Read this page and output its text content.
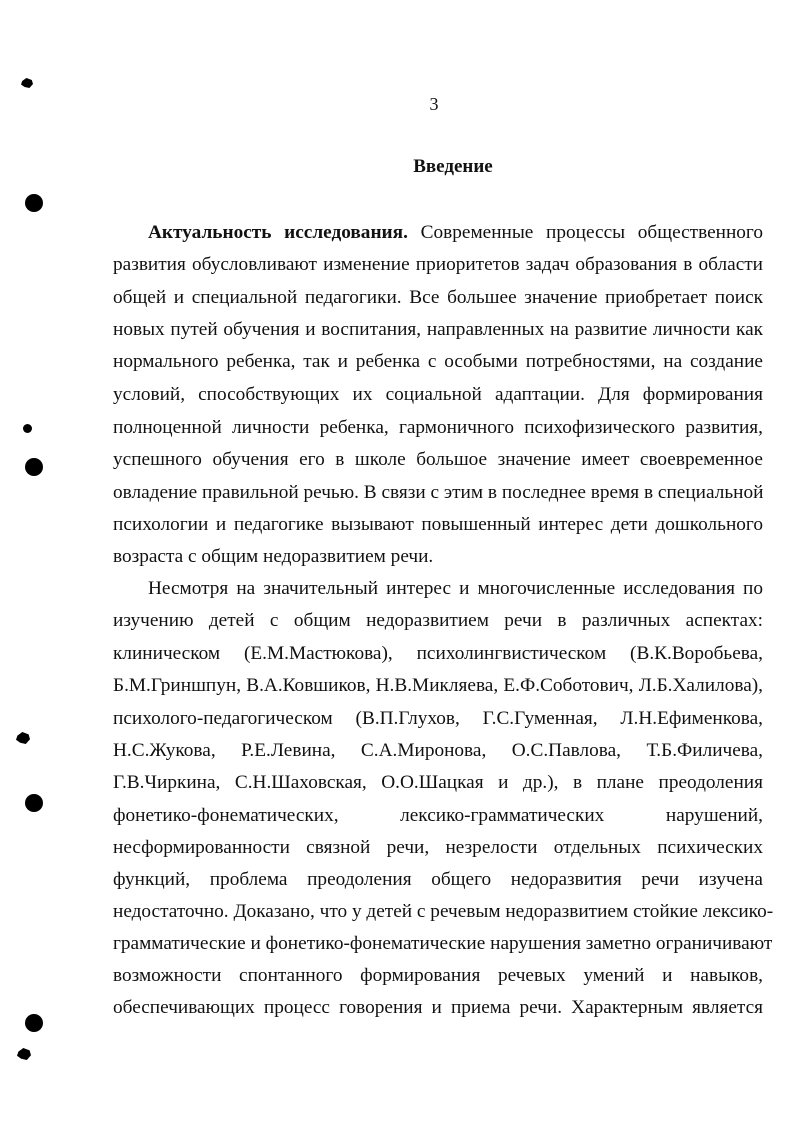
3
Введение
Актуальность исследования. Современные процессы общественного
развития обусловливают изменение приоритетов задач образования в области
общей и специальной педагогики. Все большее значение приобретает поиск
новых путей обучения и воспитания, направленных на развитие личности как
нормального ребенка, так и ребенка с особыми потребностями, на создание
условий, способствующих их социальной адаптации. Для формирования
полноценной личности ребенка, гармоничного психофизического развития,
успешного обучения его в школе большое значение имеет своевременное
овладение правильной речью. В связи с этим в последнее время в специальной
психологии и педагогике вызывают повышенный интерес дети дошкольного
возраста с общим недоразвитием речи.
Несмотря на значительный интерес и многочисленные исследования по
изучению детей с общим недоразвитием речи в различных аспектах:
клиническом (Е.М.Мастюкова), психолингвистическом (В.К.Воробьева,
Б.М.Гриншпун, В.А.Ковшиков, Н.В.Микляева, Е.Ф.Соботович, Л.Б.Халилова),
психолого-педагогическом (В.П.Глухов, Г.С.Гуменная, Л.Н.Ефименкова,
Н.С.Жукова, Р.Е.Левина, С.А.Миронова, О.С.Павлова, Т.Б.Филичева,
Г.В.Чиркина, С.Н.Шаховская, О.О.Шацкая и др.), в плане преодоления
фонетико-фонематических, лексико-грамматических нарушений,
несформированности связной речи, незрелости отдельных психических
функций, проблема преодоления общего недоразвития речи изучена
недостаточно. Доказано, что у детей с речевым недоразвитием стойкие лексико-
грамматические и фонетико-фонематические нарушения заметно ограничивают
возможности спонтанного формирования речевых умений и навыков,
обеспечивающих процесс говорения и приема речи. Характерным является
